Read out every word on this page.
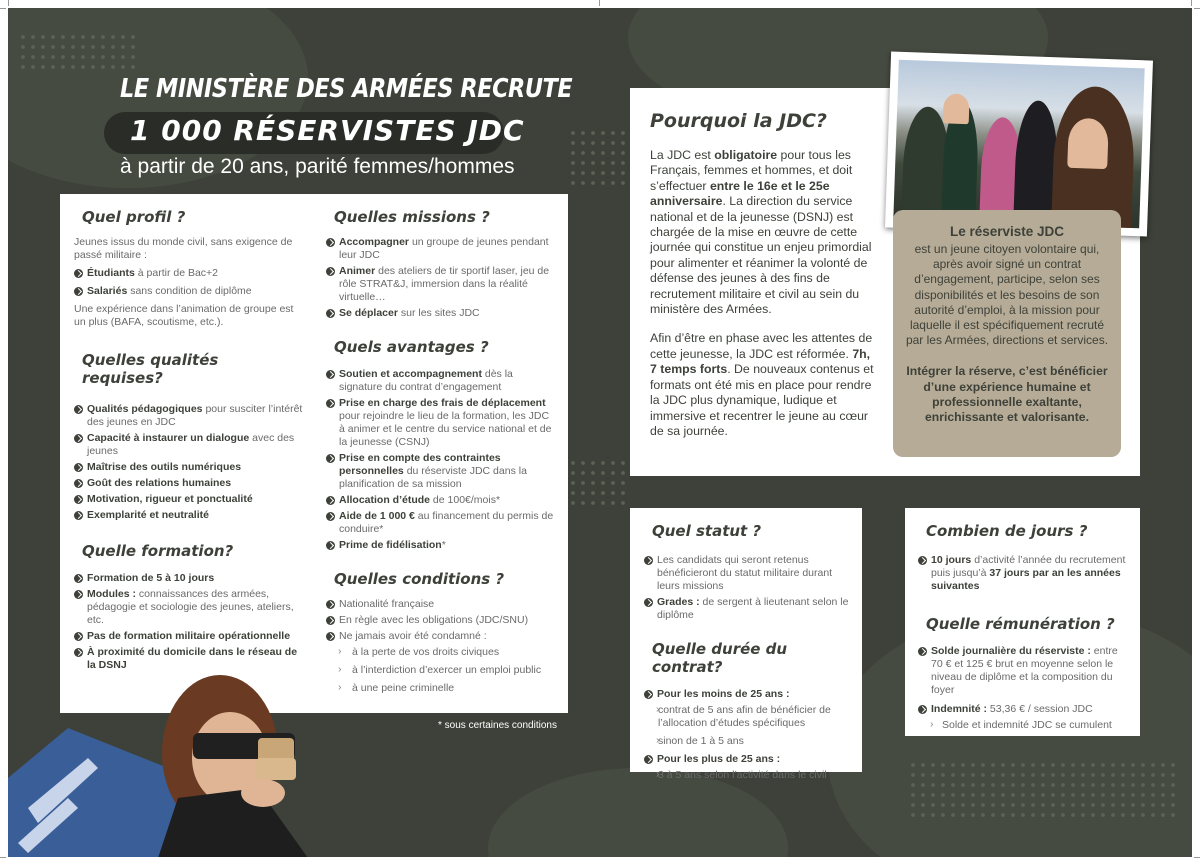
LE MINISTÈRE DES ARMÉES RECRUTE
1 000 RÉSERVISTES JDC
à partir de 20 ans, parité femmes/hommes
Quel profil ?
Jeunes issus du monde civil, sans exigence de passé militaire :
Étudiants à partir de Bac+2
Salariés sans condition de diplôme
Une expérience dans l’animation de groupe est un plus (BAFA, scoutisme, etc.).
Quelles qualités
requises?
Qualités pédagogiques pour susciter l’intérêt des jeunes en JDC
Capacité à instaurer un dialogue avec des jeunes
Maîtrise des outils numériques
Goût des relations humaines
Motivation, rigueur et ponctualité
Exemplarité et neutralité
Quelle formation?
Formation de 5 à 10 jours
Modules : connaissances des armées, pédagogie et sociologie des jeunes, ateliers, etc.
Pas de formation militaire opérationnelle
À proximité du domicile dans le réseau de la DSNJ
Quelles missions ?
Accompagner un groupe de jeunes pendant leur JDC
Animer des ateliers de tir sportif laser, jeu de rôle STRAT&J, immersion dans la réalité virtuelle…
Se déplacer sur les sites JDC
Quels avantages ?
Soutien et accompagnement dès la signature du contrat d’engagement
Prise en charge des frais de déplacement pour rejoindre le lieu de la formation, les JDC à animer et le centre du service national et de la jeunesse (CSNJ)
Prise en compte des contraintes personnelles du réserviste JDC dans la planification de sa mission
Allocation d’étude de 100€/mois*
Aide de 1 000 € au financement du permis de conduire*
Prime de fidélisation*
Quelles conditions ?
Nationalité française
En règle avec les obligations (JDC/SNU)
Ne jamais avoir été condamné :
› à la perte de vos droits civiques
› à l’interdiction d’exercer un emploi public
› à une peine criminelle
* sous certaines conditions
Pourquoi la JDC?
La JDC est obligatoire pour tous les Français, femmes et hommes, et doit s’effectuer entre le 16e et le 25e anniversaire. La direction du service national et de la jeunesse (DSNJ) est chargée de la mise en œuvre de cette journée qui constitue un enjeu primordial pour alimenter et réanimer la volonté de défense des jeunes à des fins de recrutement militaire et civil au sein du ministère des Armées.
Afin d’être en phase avec les attentes de cette jeunesse, la JDC est réformée. 7h, 7 temps forts. De nouveaux contenus et formats ont été mis en place pour rendre la JDC plus dynamique, ludique et immersive et recentrer le jeune au cœur de sa journée.
Le réserviste JDC
est un jeune citoyen volontaire qui, après avoir signé un contrat d’engagement, participe, selon ses disponibilités et les besoins de son autorité d’emploi, à la mission pour laquelle il est spécifiquement recruté par les Armées, directions et services.
Intégrer la réserve, c’est bénéficier d’une expérience humaine et professionnelle exaltante, enrichissante et valorisante.
Quel statut ?
Les candidats qui seront retenus bénéficieront du statut militaire durant leurs missions
Grades : de sergent à lieutenant selon le diplôme
Quelle durée du contrat?
Pour les moins de 25 ans :
› contrat de 5 ans afin de bénéficier de l’allocation d’études spécifiques
› sinon de 1 à 5 ans
Pour les plus de 25 ans :
› 3 à 5 ans selon l’activité dans le civil
Combien de jours ?
10 jours d’activité l’année du recrutement puis jusqu’à 37 jours par an les années suivantes
Quelle rémunération ?
Solde journalière du réserviste : entre 70 € et 125 € brut en moyenne selon le niveau de diplôme et la composition du foyer
Indemnité : 53,36 € / session JDC
› Solde et indemnité JDC se cumulent
